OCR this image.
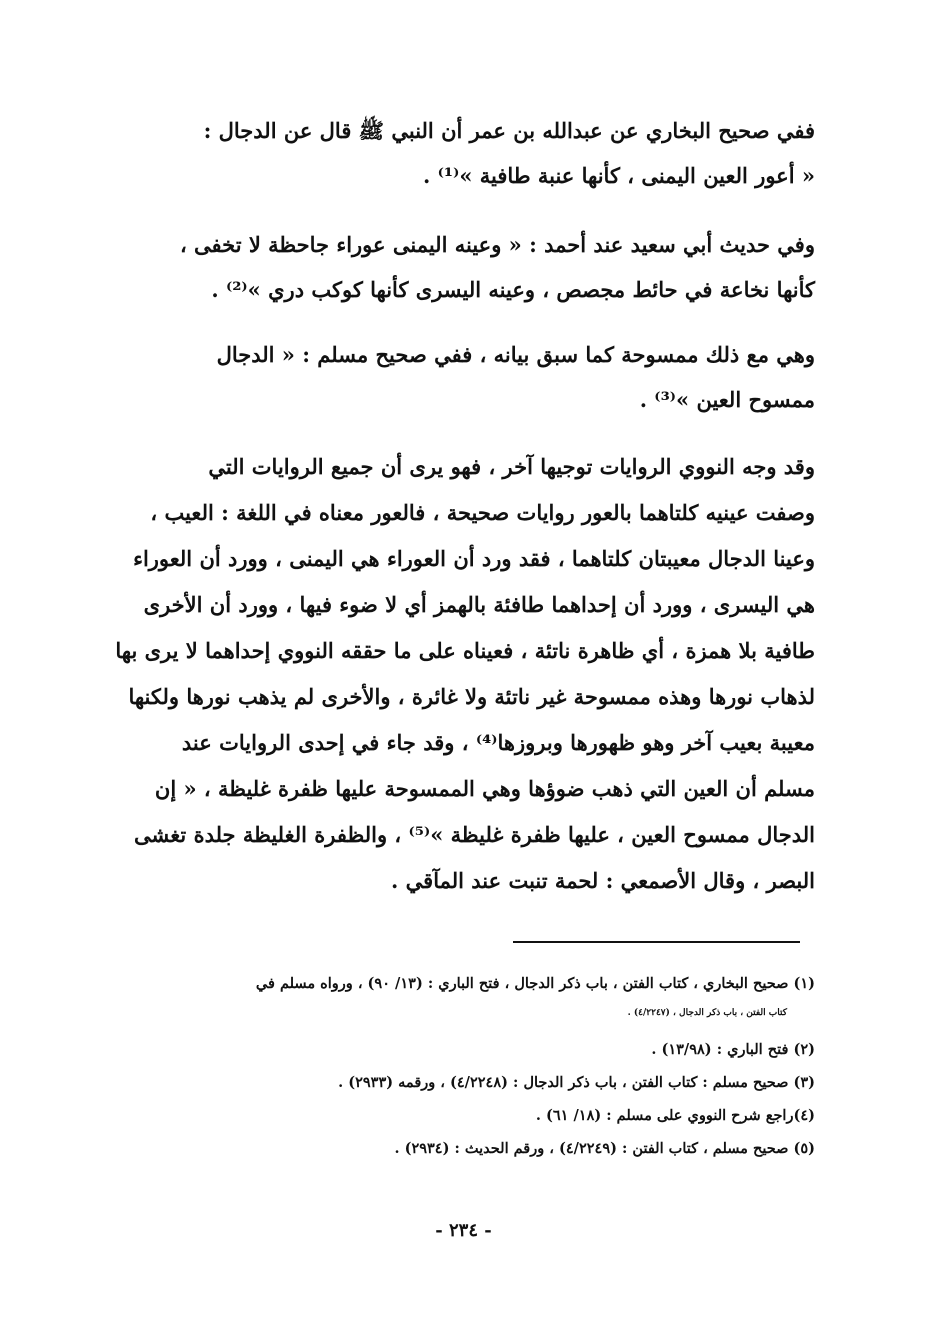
ففي صحيح البخاري عن عبدالله بن عمر أن النبي ﷺ قال عن الدجال :
« أعور العين اليمنى ، كأنها عنبة طافية »⁽¹⁾ .
وفي حديث أبي سعيد عند أحمد : « وعينه اليمنى عوراء جاحظة لا تخفى ،
كأنها نخاعة في حائط مجصص ، وعينه اليسرى كأنها كوكب دري »⁽²⁾ .
وهي مع ذلك ممسوحة كما سبق بيانه ، ففي صحيح مسلم : « الدجال
ممسوح العين »⁽³⁾ .
وقد وجه النووي الروايات توجيها آخر ، فهو يرى أن جميع الروايات التي
وصفت عينيه كلتاهما بالعور روايات صحيحة ، فالعور معناه في اللغة : العيب ،
وعينا الدجال معيبتان كلتاهما ، فقد ورد أن العوراء هي اليمنى ، وورد أن العوراء
هي اليسرى ، وورد أن إحداهما طافئة بالهمز أي لا ضوء فيها ، وورد أن الأخرى
طافية بلا همزة ، أي ظاهرة ناتئة ، فعيناه على ما حققه النووي إحداهما لا يرى بها
لذهاب نورها وهذه ممسوحة غير ناتئة ولا غائرة ، والأخرى لم يذهب نورها ولكنها
معيبة بعيب آخر وهو ظهورها وبروزها⁽⁴⁾ ، وقد جاء في إحدى الروايات عند
مسلم أن العين التي ذهب ضوؤها وهي الممسوحة عليها ظفرة غليظة ، « إن
الدجال ممسوح العين ، عليها ظفرة غليظة »⁽⁵⁾ ، والظفرة الغليظة جلدة تغشى
البصر ، وقال الأصمعي : لحمة تنبت عند المآقي .
(١) صحيح البخاري ، كتاب الفتن ، باب ذكر الدجال ، فتح الباري : (١٣/ ٩٠) ، ورواه مسلم في
كتاب الفتن ، باب ذكر الدجال ، (٤/٢٢٤٧) .
(٢) فتح الباري : (١٣/٩٨) .
(٣) صحيح مسلم : كتاب الفتن ، باب ذكر الدجال : (٤/٢٢٤٨) ، ورقمه (٢٩٣٣) .
(٤)راجع شرح النووي على مسلم : (١٨/ ٦١) .
(٥) صحيح مسلم ، كتاب الفتن : (٤/٢٢٤٩) ، ورقم الحديث : (٢٩٣٤) .
- ٢٣٤ -
